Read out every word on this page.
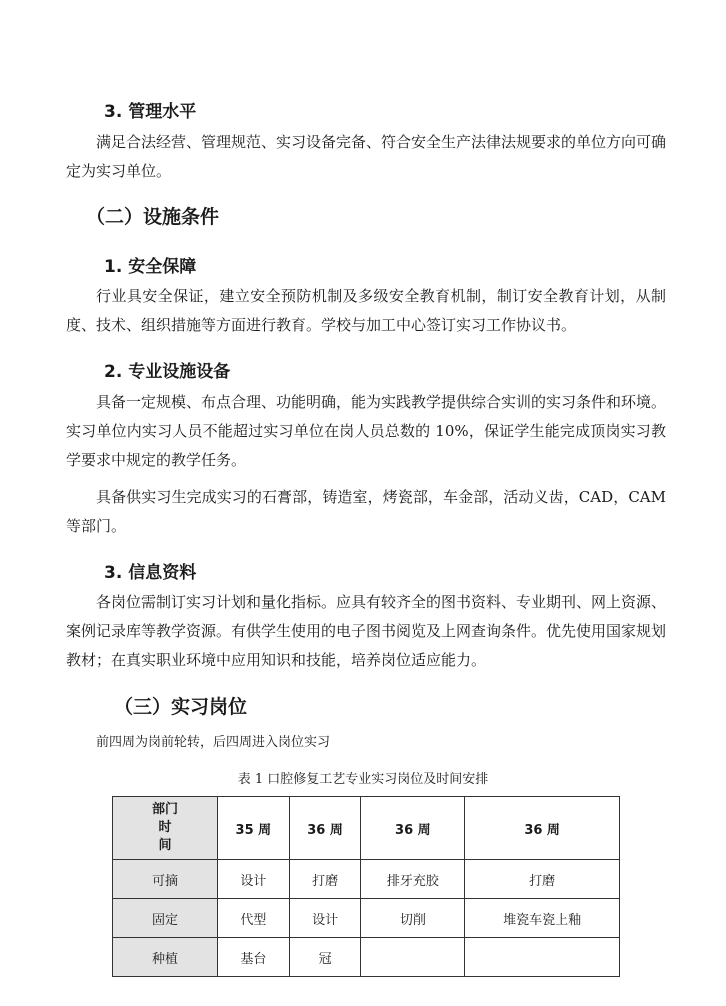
3. 管理水平
满足合法经营、管理规范、实习设备完备、符合安全生产法律法规要求的单位方向可确定为实习单位。
（二）设施条件
1. 安全保障
行业具安全保证，建立安全预防机制及多级安全教育机制，制订安全教育计划，从制度、技术、组织措施等方面进行教育。学校与加工中心签订实习工作协议书。
2. 专业设施设备
具备一定规模、布点合理、功能明确，能为实践教学提供综合实训的实习条件和环境。实习单位内实习人员不能超过实习单位在岗人员总数的 10%，保证学生能完成顶岗实习教学要求中规定的教学任务。
具备供实习生完成实习的石膏部，铸造室，烤瓷部，车金部，活动义齿，CAD，CAM 等部门。
3. 信息资料
各岗位需制订实习计划和量化指标。应具有较齐全的图书资料、专业期刊、网上资源、案例记录库等教学资源。有供学生使用的电子图书阅览及上网查询条件。优先使用国家规划教材；在真实职业环境中应用知识和技能，培养岗位适应能力。
（三）实习岗位
前四周为岗前轮转，后四周进入岗位实习
表 1 口腔修复工艺专业实习岗位及时间安排
部门
时
间	35 周	36 周	36 周	36 周
可摘	设计	打磨	排牙充胶	打磨
固定	代型	设计	切削	堆瓷车瓷上釉
种植	基台	冠		
